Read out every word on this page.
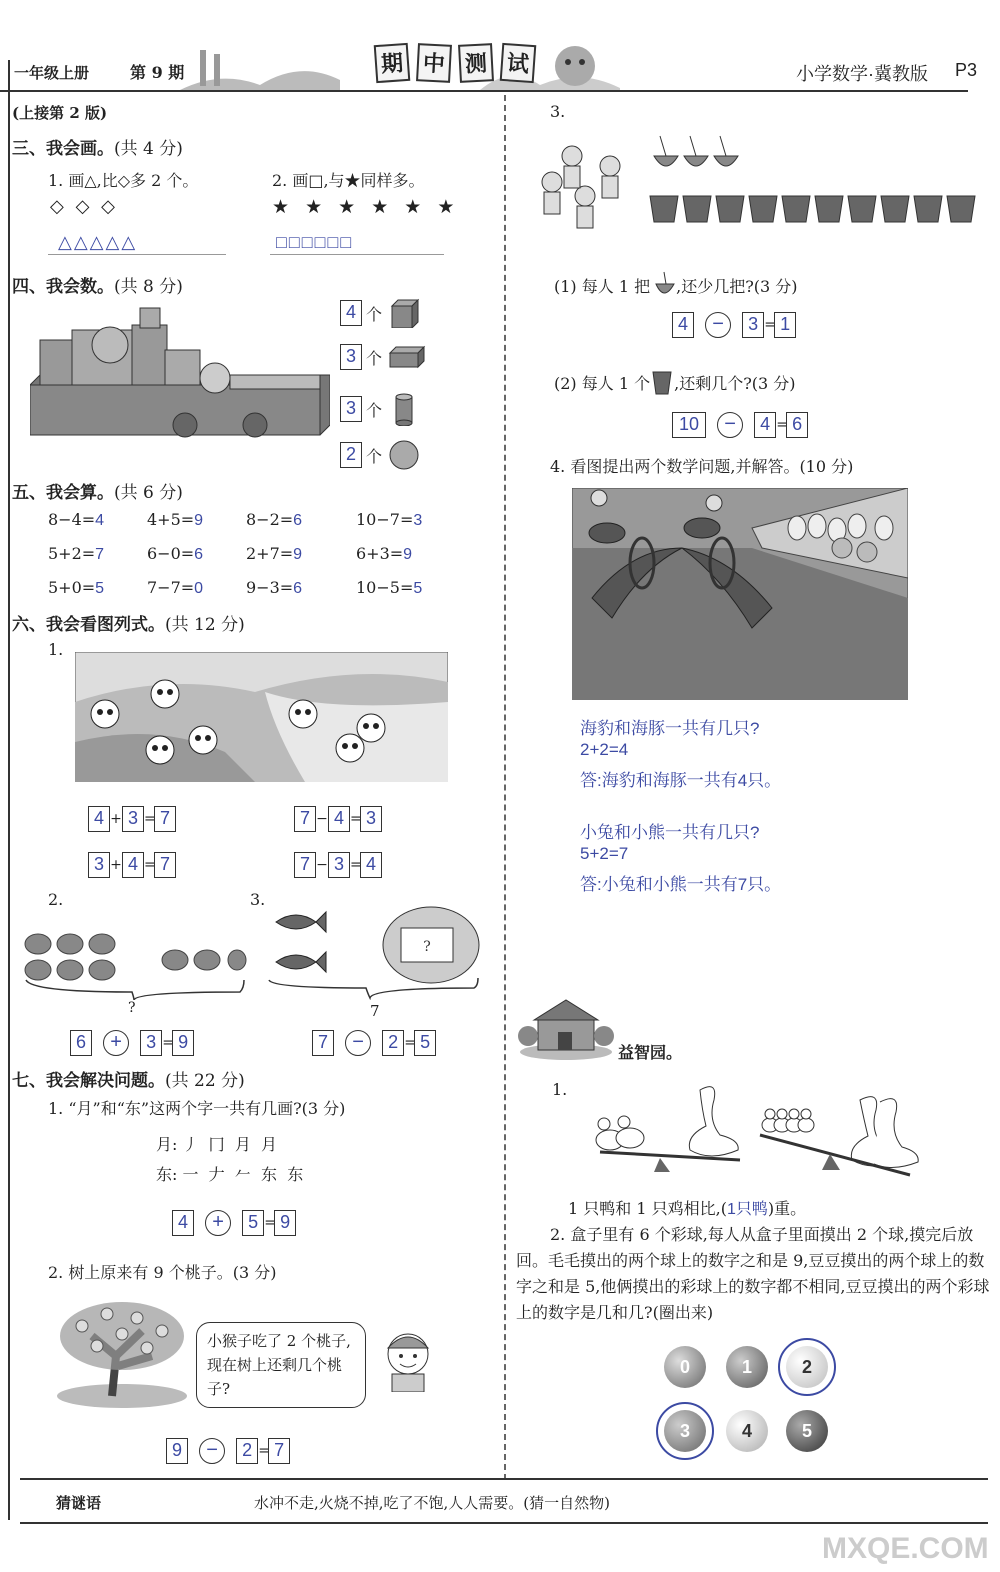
一年级上册	第 9 期	期 中 测 试	小学数学·冀教版 P3
(上接第 2 版)
三、我会画。(共 4 分)
1. 画△,比◇多 2 个。
◇ ◇ ◇
△△△△△
2. 画□,与★同样多。
★ ★ ★ ★ ★ ★
□□□□□□
四、我会数。(共 8 分)
4 个
3 个
3 个
2 个
五、我会算。(共 6 分)
8−4=4	4+5=9	8−2=6	10−7=3
5+2=7	6−0=6	2+7=9	6+3=9
5+0=5	7−7=0	9−3=6	10−5=5
六、我会看图列式。(共 12 分)
1.
4 + 3 = 7	7 − 4 = 3
3 + 4 = 7	7 − 3 = 4
2.	3.
?
?
7
6 + 3 = 9	7 − 2 = 5
七、我会解决问题。(共 22 分)
1. “月”和“东”这两个字一共有几画?(3 分)
月: 丿  冂  月  月
东: 一  𠂇  𠂉  东  东
4 + 5 = 9
2. 树上原来有 9 个桃子。(3 分)
小猴子吃了 2 个桃子,现在树上还剩几个桃子?
9 − 2 = 7
3.
(1) 每人 1 把 ,还少几把?(3 分)
4 − 3 = 1
(2) 每人 1 个 ,还剩几个?(3 分)
10 − 4 = 6
4. 看图提出两个数学问题,并解答。(10 分)
海豹和海豚一共有几只?
2+2=4
答:海豹和海豚一共有4只。
小兔和小熊一共有几只?
5+2=7
答:小兔和小熊一共有7只。
益智园。
1.
1 只鸭和 1 只鸡相比,(1只鸭)重。
2. 盒子里有 6 个彩球,每人从盒子里面摸出 2 个球,摸完后放回。毛毛摸出的两个球上的数字之和是 9,豆豆摸出的两个球上的数字之和是 5,他俩摸出的彩球上的数字都不相同,豆豆摸出的两个彩球上的数字是几和几?(圈出来)
0	1	2
3	4	5
猜谜语	水冲不走,火烧不掉,吃了不饱,人人需要。(猜一自然物)
MXQE.COM
